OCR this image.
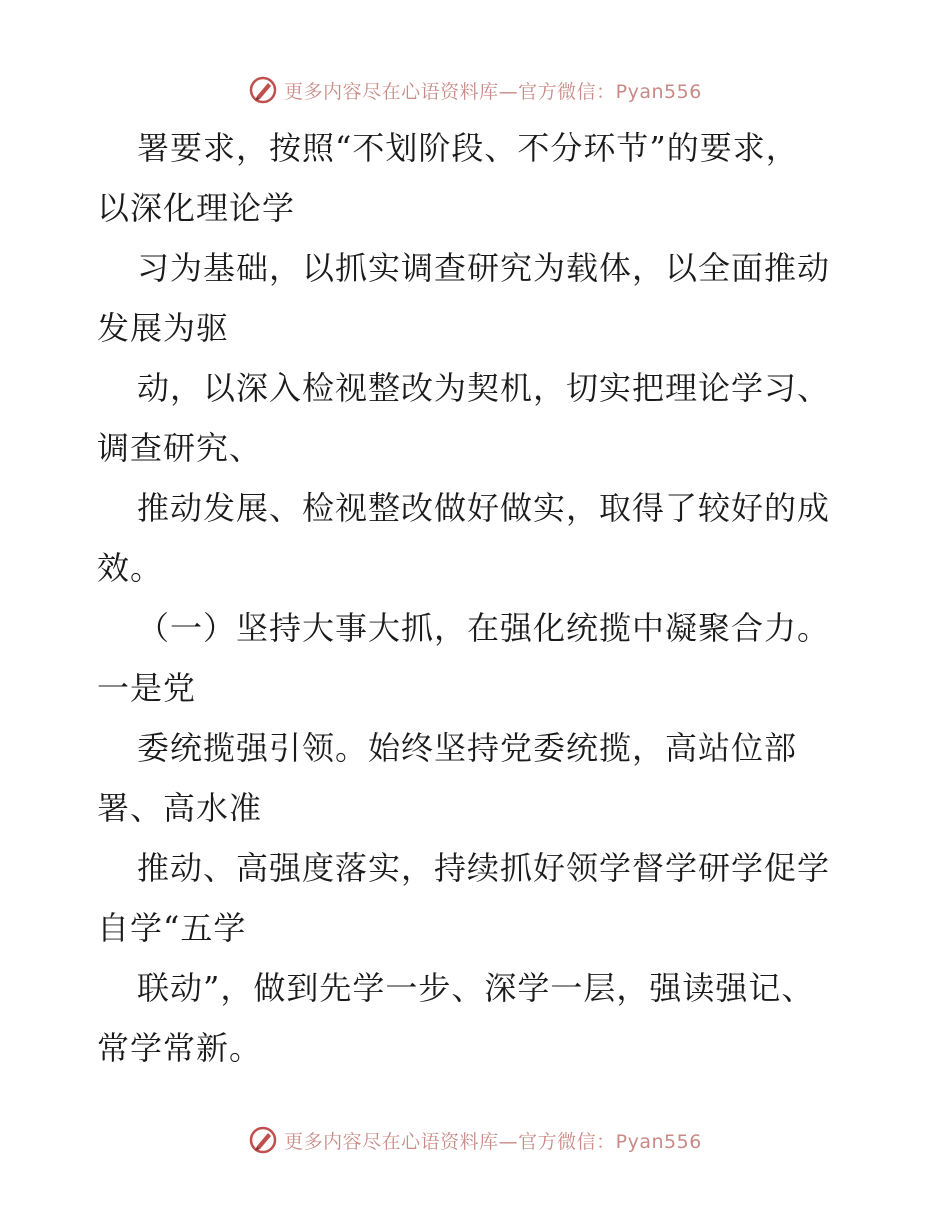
更多内容尽在心语资料库—官方微信：Pyan556
署要求，按照“不划阶段、不分环节”的要求，
以深化理论学
习为基础，以抓实调查研究为载体，以全面推动
发展为驱
动，以深入检视整改为契机，切实把理论学习、
调查研究、
推动发展、检视整改做好做实，取得了较好的成
效。
（一）坚持大事大抓，在强化统揽中凝聚合力。
一是党
委统揽强引领。始终坚持党委统揽，高站位部
署、高水准
推动、高强度落实，持续抓好领学督学研学促学
自学“五学
联动”，做到先学一步、深学一层，强读强记、
常学常新。
更多内容尽在心语资料库—官方微信：Pyan556
